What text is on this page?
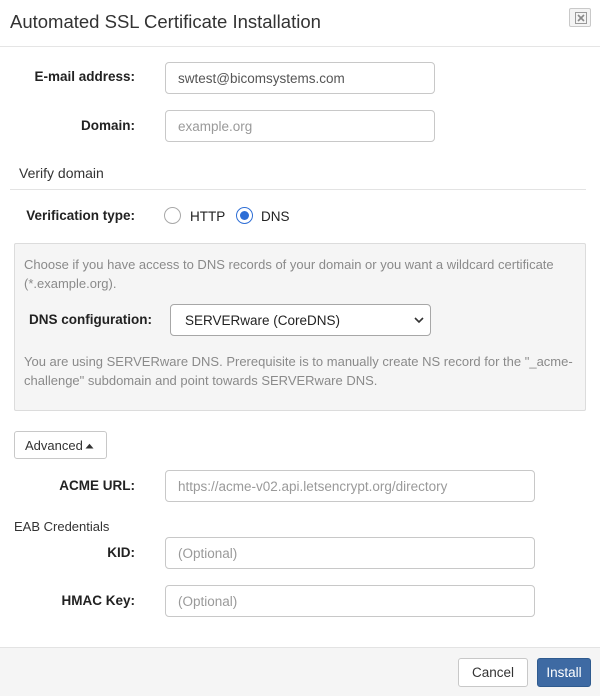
Automated SSL Certificate Installation
E-mail address:
swtest@bicomsystems.com
Domain:
example.org
Verify domain
Verification type:	HTTP	DNS
Choose if you have access to DNS records of your domain or you want a wildcard certificate
(*.example.org).
DNS configuration: SERVERware (CoreDNS)
You are using SERVERware DNS. Prerequisite is to manually create NS record for the "_acme-
challenge" subdomain and point towards SERVERware DNS.
Advanced
ACME URL:
https://acme-v02.api.letsencrypt.org/directory
EAB Credentials
KID:
(Optional)
HMAC Key:
(Optional)
Cancel	Install
